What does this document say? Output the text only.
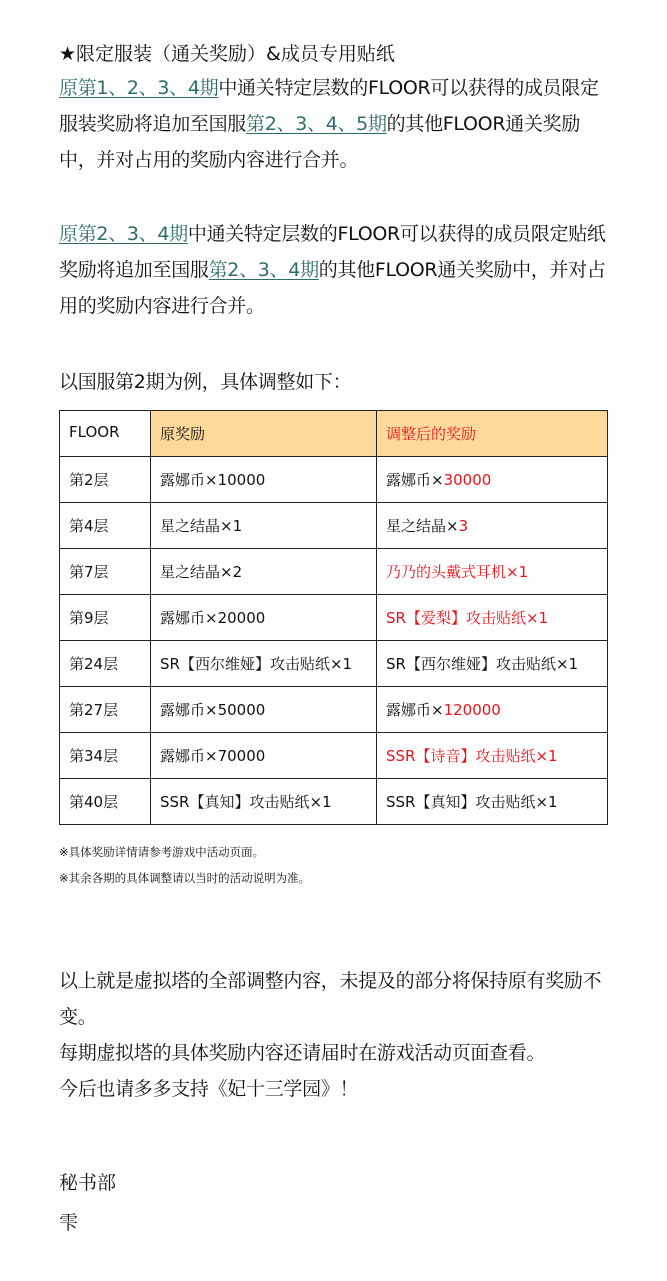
★限定服装（通关奖励）&成员专用贴纸

原第1、2、3、4期中通关特定层数的FLOOR可以获得的成员限定服装奖励将追加至国服第2、3、4、5期的其他FLOOR通关奖励中，并对占用的奖励内容进行合并。

原第2、3、4期中通关特定层数的FLOOR可以获得的成员限定贴纸奖励将追加至国服第2、3、4期的其他FLOOR通关奖励中，并对占用的奖励内容进行合并。

以国服第2期为例，具体调整如下：

FLOOR	原奖励	调整后的奖励
第2层	露娜币×10000	露娜币×30000
第4层	星之结晶×1	星之结晶×3
第7层	星之结晶×2	乃乃的头戴式耳机×1
第9层	露娜币×20000	SR【爱梨】攻击贴纸×1
第24层	SR【西尔维娅】攻击贴纸×1	SR【西尔维娅】攻击贴纸×1
第27层	露娜币×50000	露娜币×120000
第34层	露娜币×70000	SSR【诗音】攻击贴纸×1
第40层	SSR【真知】攻击贴纸×1	SSR【真知】攻击贴纸×1

※具体奖励详情请参考游戏中活动页面。

※其余各期的具体调整请以当时的活动说明为准。

以上就是虚拟塔的全部调整内容，未提及的部分将保持原有奖励不变。

每期虚拟塔的具体奖励内容还请届时在游戏活动页面查看。

今后也请多多支持《妃十三学园》！

秘书部

雫
